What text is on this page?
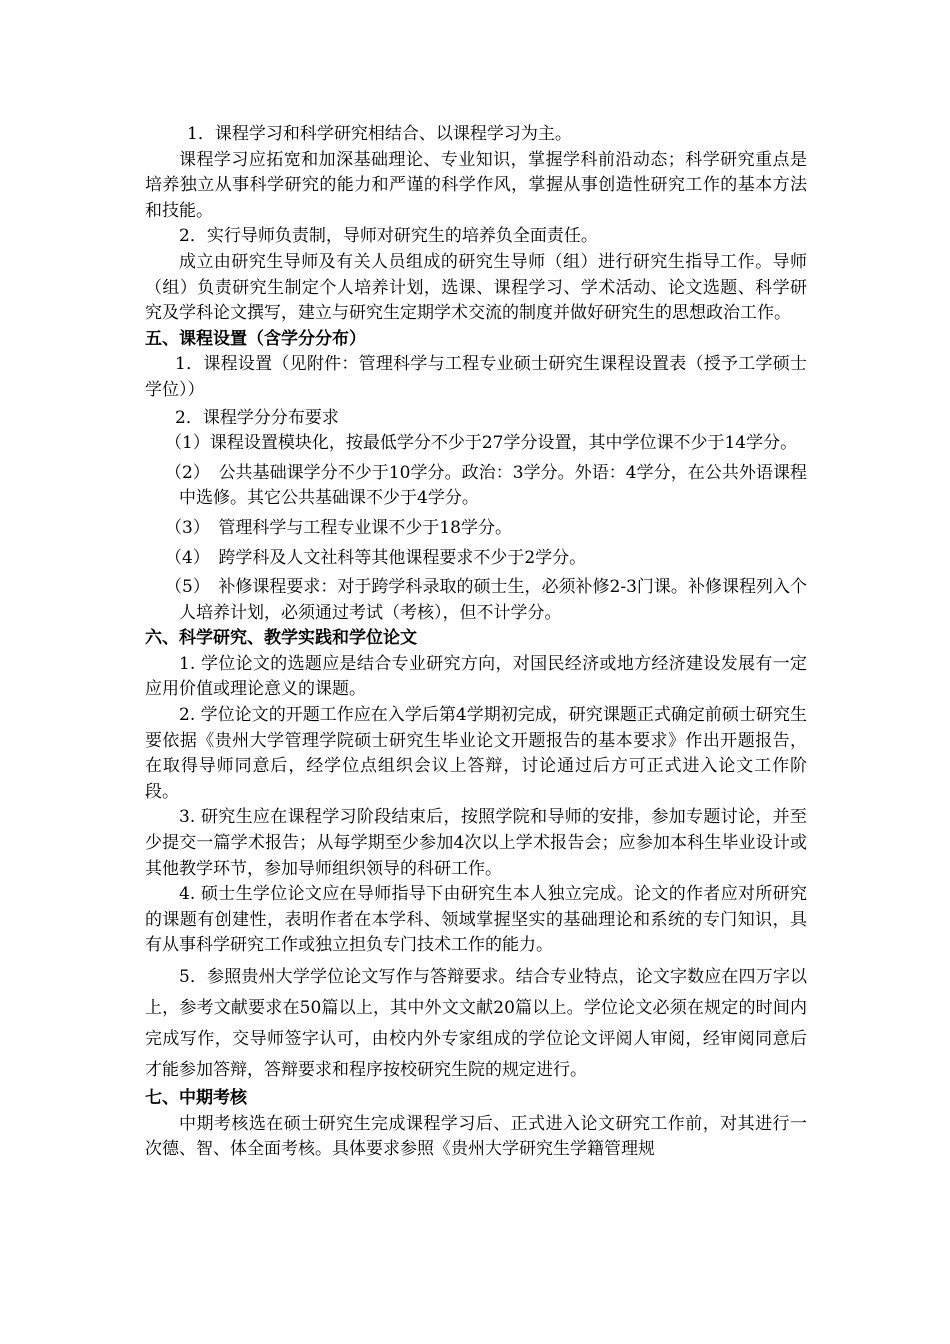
1．课程学习和科学研究相结合、以课程学习为主。

课程学习应拓宽和加深基础理论、专业知识，掌握学科前沿动态；科学研究重点是培养独立从事科学研究的能力和严谨的科学作风，掌握从事创造性研究工作的基本方法和技能。

2．实行导师负责制，导师对研究生的培养负全面责任。

成立由研究生导师及有关人员组成的研究生导师（组）进行研究生指导工作。导师（组）负责研究生制定个人培养计划，选课、课程学习、学术活动、论文选题、科学研究及学科论文撰写，建立与研究生定期学术交流的制度并做好研究生的思想政治工作。

五、课程设置（含学分分布）

1．课程设置（见附件：管理科学与工程专业硕士研究生课程设置表（授予工学硕士学位））

2．课程学分分布要求

（1）课程设置模块化，按最低学分不少于27学分设置，其中学位课不少于14学分。

（2）　公共基础课学分不少于10学分。政治：3学分。外语：4学分，在公共外语课程中选修。其它公共基础课不少于4学分。

（3）　管理科学与工程专业课不少于18学分。

（4）　跨学科及人文社科等其他课程要求不少于2学分。

（5）　补修课程要求：对于跨学科录取的硕士生，必须补修2-3门课。补修课程列入个人培养计划，必须通过考试（考核），但不计学分。

六、科学研究、教学实践和学位论文

1. 学位论文的选题应是结合专业研究方向，对国民经济或地方经济建设发展有一定应用价值或理论意义的课题。

2. 学位论文的开题工作应在入学后第4学期初完成，研究课题正式确定前硕士研究生要依据《贵州大学管理学院硕士研究生毕业论文开题报告的基本要求》作出开题报告，在取得导师同意后，经学位点组织会议上答辩，讨论通过后方可正式进入论文工作阶段。

3. 研究生应在课程学习阶段结束后，按照学院和导师的安排，参加专题讨论，并至少提交一篇学术报告；从每学期至少参加4次以上学术报告会；应参加本科生毕业设计或其他教学环节，参加导师组织领导的科研工作。

4. 硕士生学位论文应在导师指导下由研究生本人独立完成。论文的作者应对所研究的课题有创建性，表明作者在本学科、领域掌握坚实的基础理论和系统的专门知识，具有从事科学研究工作或独立担负专门技术工作的能力。

5．参照贵州大学学位论文写作与答辩要求。结合专业特点，论文字数应在四万字以上，参考文献要求在50篇以上，其中外文文献20篇以上。学位论文必须在规定的时间内完成写作，交导师签字认可，由校内外专家组成的学位论文评阅人审阅，经审阅同意后才能参加答辩，答辩要求和程序按校研究生院的规定进行。

七、中期考核

中期考核选在硕士研究生完成课程学习后、正式进入论文研究工作前，对其进行一次德、智、体全面考核。具体要求参照《贵州大学研究生学籍管理规
